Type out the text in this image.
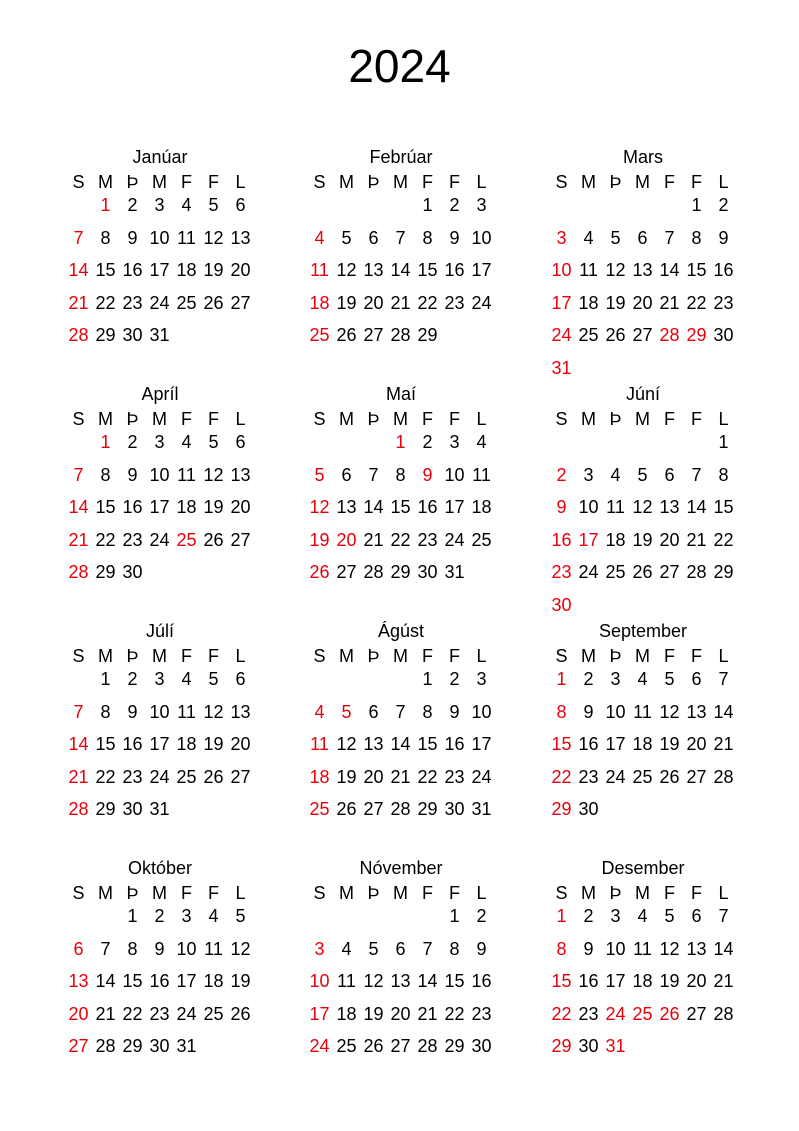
2024
Janúar
S M Þ M F F L
1 2 3 4 5 6
7 8 9 10 11 12 13
14 15 16 17 18 19 20
21 22 23 24 25 26 27
28 29 30 31
Febrúar
S M Þ M F F L
1 2 3
4 5 6 7 8 9 10
11 12 13 14 15 16 17
18 19 20 21 22 23 24
25 26 27 28 29
Mars
S M Þ M F F L
1 2
3 4 5 6 7 8 9
10 11 12 13 14 15 16
17 18 19 20 21 22 23
24 25 26 27 28 29 30
31
Apríl
S M Þ M F F L
1 2 3 4 5 6
7 8 9 10 11 12 13
14 15 16 17 18 19 20
21 22 23 24 25 26 27
28 29 30
Maí
S M Þ M F F L
1 2 3 4
5 6 7 8 9 10 11
12 13 14 15 16 17 18
19 20 21 22 23 24 25
26 27 28 29 30 31
Júní
S M Þ M F F L
1
2 3 4 5 6 7 8
9 10 11 12 13 14 15
16 17 18 19 20 21 22
23 24 25 26 27 28 29
30
Júlí
S M Þ M F F L
1 2 3 4 5 6
7 8 9 10 11 12 13
14 15 16 17 18 19 20
21 22 23 24 25 26 27
28 29 30 31
Ágúst
S M Þ M F F L
1 2 3
4 5 6 7 8 9 10
11 12 13 14 15 16 17
18 19 20 21 22 23 24
25 26 27 28 29 30 31
September
S M Þ M F F L
1 2 3 4 5 6 7
8 9 10 11 12 13 14
15 16 17 18 19 20 21
22 23 24 25 26 27 28
29 30
Október
S M Þ M F F L
1 2 3 4 5
6 7 8 9 10 11 12
13 14 15 16 17 18 19
20 21 22 23 24 25 26
27 28 29 30 31
Nóvember
S M Þ M F F L
1 2
3 4 5 6 7 8 9
10 11 12 13 14 15 16
17 18 19 20 21 22 23
24 25 26 27 28 29 30
Desember
S M Þ M F F L
1 2 3 4 5 6 7
8 9 10 11 12 13 14
15 16 17 18 19 20 21
22 23 24 25 26 27 28
29 30 31
